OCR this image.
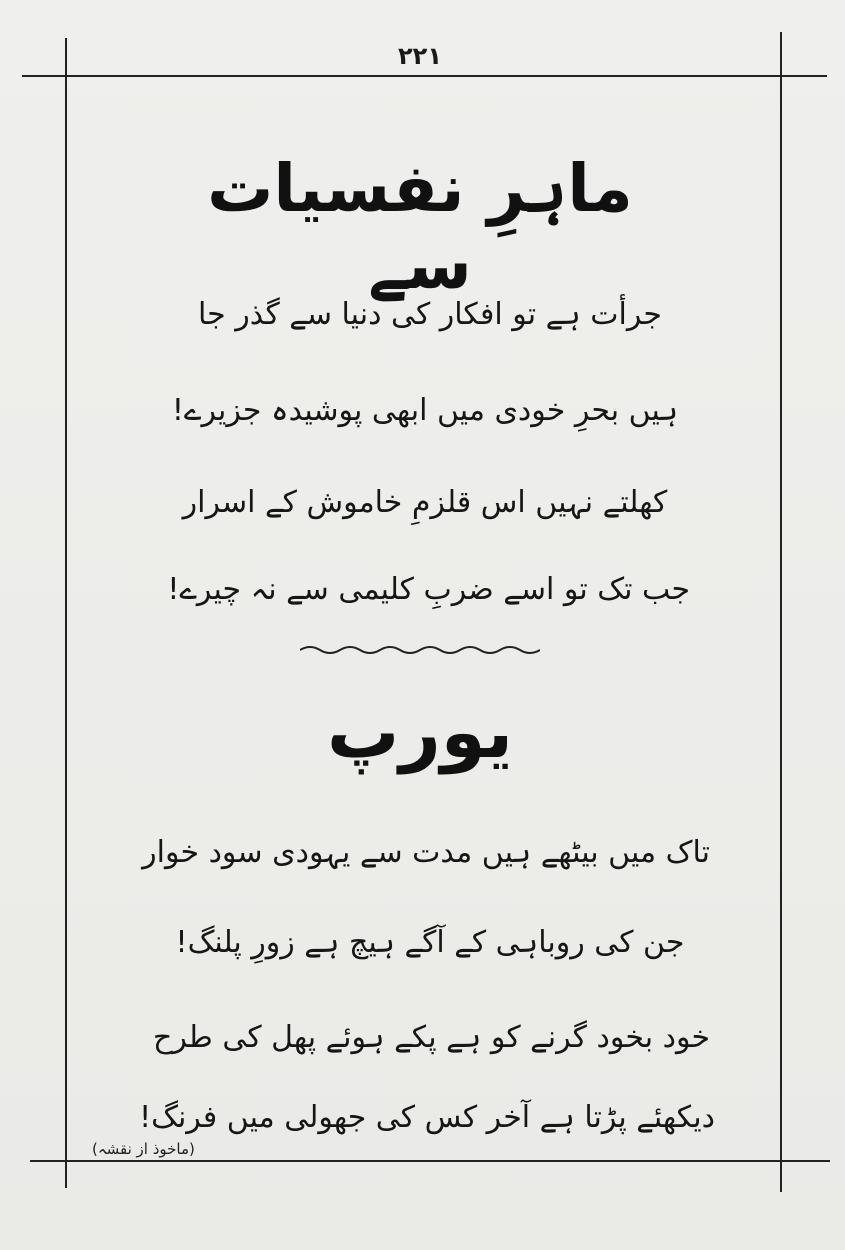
۲۲۱
ماہرِ نفسیات سے
جرأت ہے تو افکار کی دنیا سے گذر جا
ہیں بحرِ خودی میں ابھی پوشیدہ جزیرے!
کھلتے نہیں اس قلزمِ خاموش کے اسرار
جب تک تو اسے ضربِ کلیمی سے نہ چیرے!
یورپ
تاک میں بیٹھے ہیں مدت سے یہودی سود خوار
جن کی روباہی کے آگے ہیچ ہے زورِ پلنگ!
خود بخود گرنے کو ہے پکے ہوئے پھل کی طرح
دیکھئے پڑتا ہے آخر کس کی جھولی میں فرنگ!
(ماخوذ از نقشہ)
